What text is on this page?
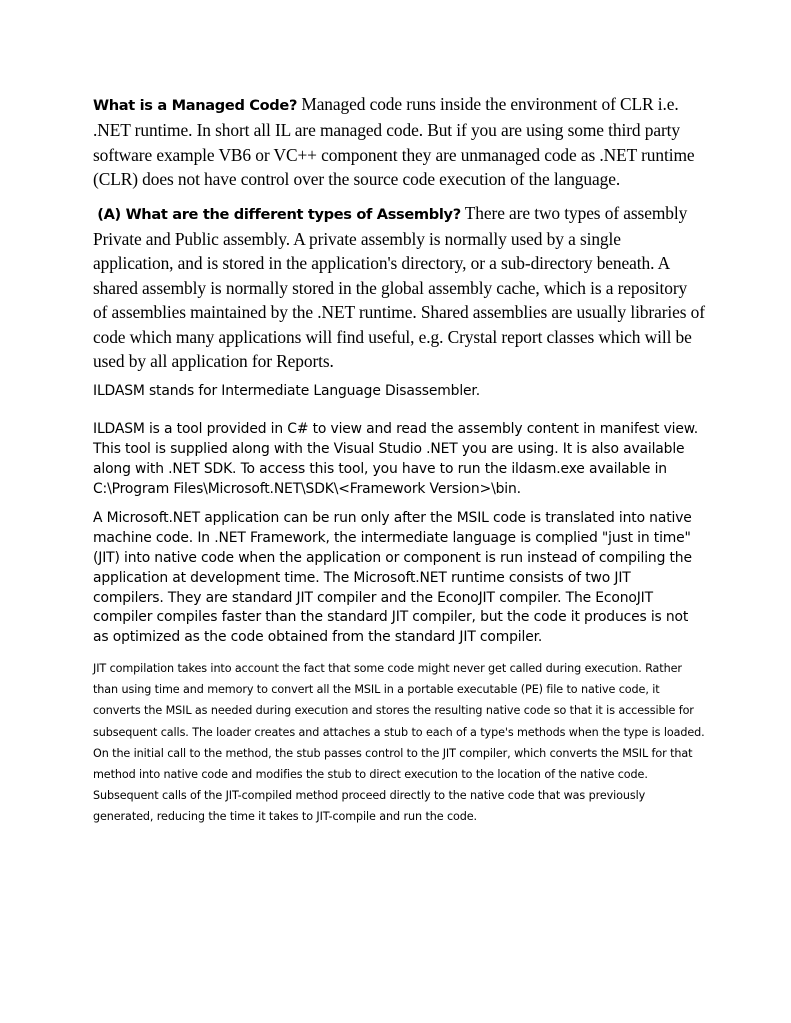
What is a Managed Code? Managed code runs inside the environment of CLR i.e. .NET runtime. In short all IL are managed code. But if you are using some third party software example VB6 or VC++ component they are unmanaged code as .NET runtime (CLR) does not have control over the source code execution of the language.

(A) What are the different types of Assembly? There are two types of assembly Private and Public assembly. A private assembly is normally used by a single application, and is stored in the application's directory, or a sub-directory beneath. A shared assembly is normally stored in the global assembly cache, which is a repository of assemblies maintained by the .NET runtime. Shared assemblies are usually libraries of code which many applications will find useful, e.g. Crystal report classes which will be used by all application for Reports.

ILDASM stands for Intermediate Language Disassembler.

ILDASM is a tool provided in C# to view and read the assembly content in manifest view. This tool is supplied along with the Visual Studio .NET you are using. It is also available along with .NET SDK. To access this tool, you have to run the ildasm.exe available in C:\Program Files\Microsoft.NET\SDK\<Framework Version>\bin.

A Microsoft.NET application can be run only after the MSIL code is translated into native machine code. In .NET Framework, the intermediate language is complied "just in time" (JIT) into native code when the application or component is run instead of compiling the application at development time. The Microsoft.NET runtime consists of two JIT compilers. They are standard JIT compiler and the EconoJIT compiler. The EconoJIT compiler compiles faster than the standard JIT compiler, but the code it produces is not as optimized as the code obtained from the standard JIT compiler.

JIT compilation takes into account the fact that some code might never get called during execution. Rather than using time and memory to convert all the MSIL in a portable executable (PE) file to native code, it converts the MSIL as needed during execution and stores the resulting native code so that it is accessible for subsequent calls. The loader creates and attaches a stub to each of a type's methods when the type is loaded. On the initial call to the method, the stub passes control to the JIT compiler, which converts the MSIL for that method into native code and modifies the stub to direct execution to the location of the native code. Subsequent calls of the JIT-compiled method proceed directly to the native code that was previously generated, reducing the time it takes to JIT-compile and run the code.
